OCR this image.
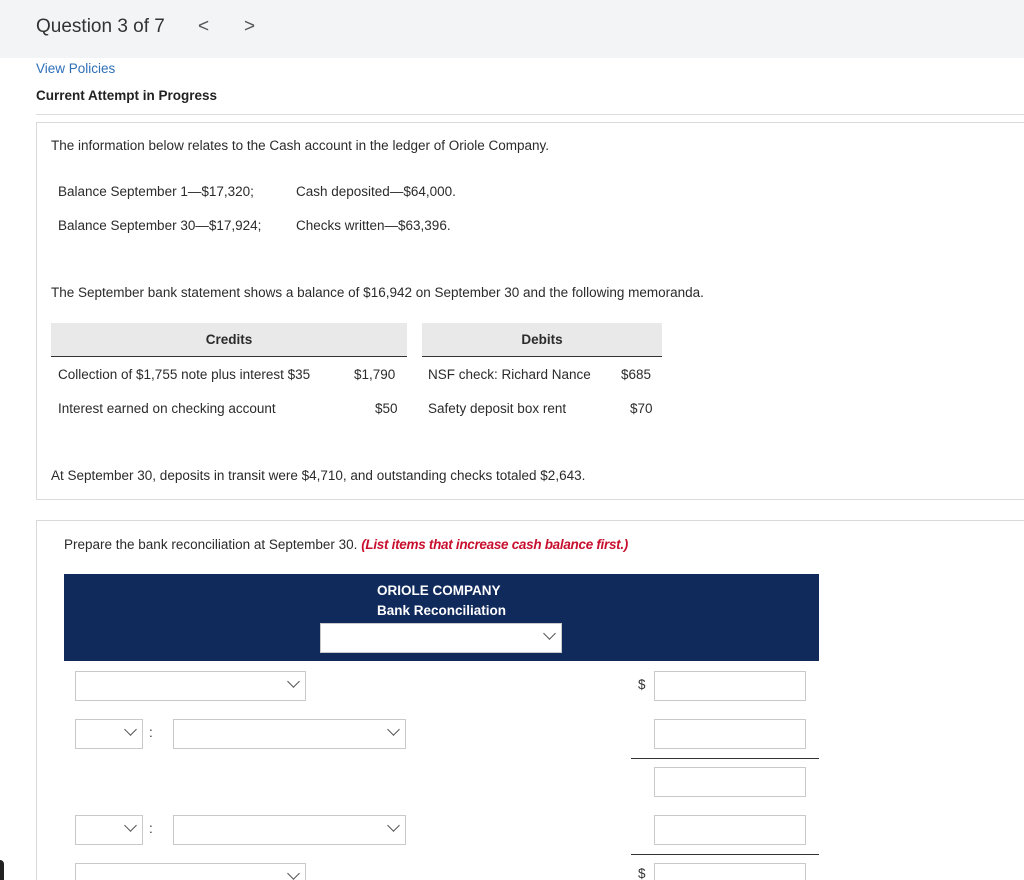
Question 3 of 7 < >
View Policies
Current Attempt in Progress
The information below relates to the Cash account in the ledger of Oriole Company.
Balance September 1—$17,320;	Cash deposited—$64,000.
Balance September 30—$17,924;	Checks written—$63,396.
The September bank statement shows a balance of $16,942 on September 30 and the following memoranda.
Credits	Debits
Collection of $1,755 note plus interest $35	$1,790 NSF check: Richard Nance $685
Interest earned on checking account	$50 Safety deposit box rent	$70
At September 30, deposits in transit were $4,710, and outstanding checks totaled $2,643.
Prepare the bank reconciliation at September 30. (List items that increase cash balance first.)
ORIOLE COMPANY
Bank Reconciliation
$
:
:
$
